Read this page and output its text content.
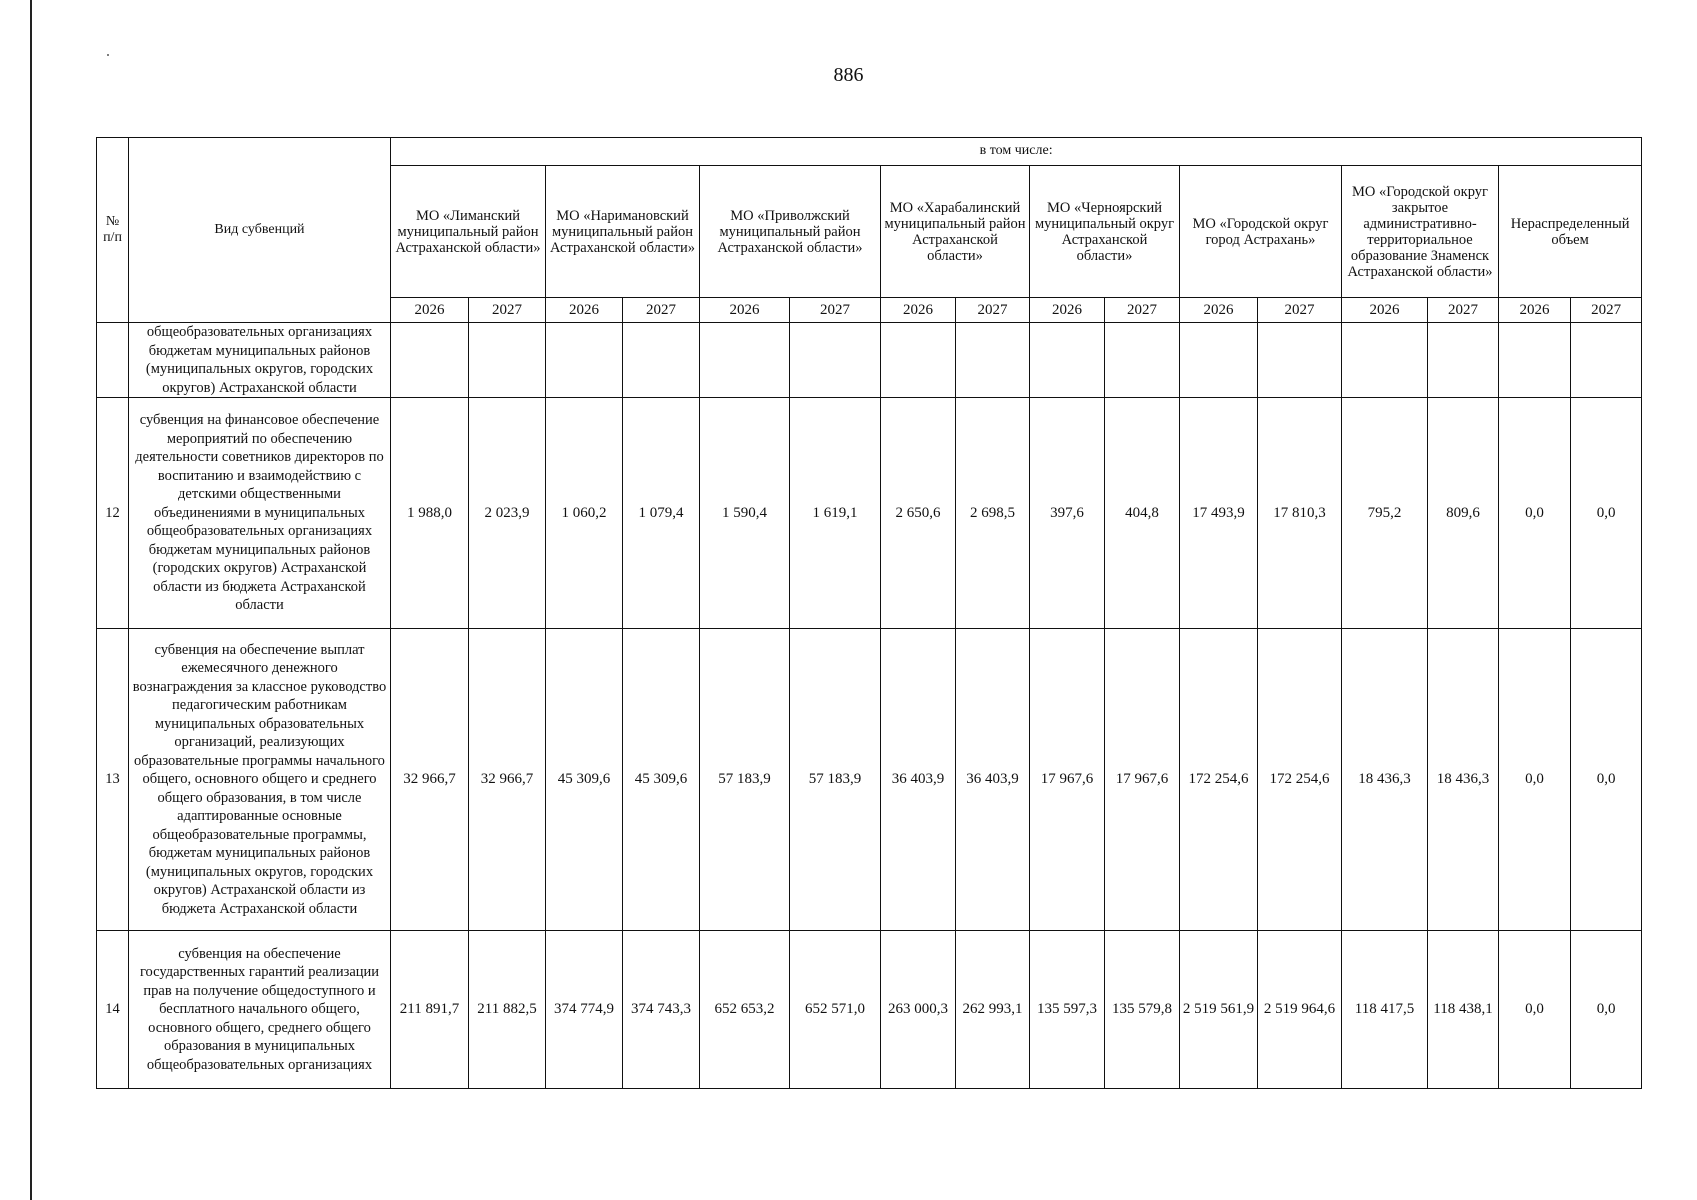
886
№ п/п	Вид субвенций	в том числе:															
		МО «Лиманский муниципальный район Астраханской области»		МО «Наримановский муниципальный район Астраханской области»		МО «Приволжский муниципальный район Астраханской области»		МО «Харабалинский муниципальный район Астраханской области»		МО «Черноярский муниципальный округ Астраханской области»		МО «Городской округ город Астрахань»		МО «Городской округ закрытое административно-территориальное образование Знаменск Астраханской области»		Нераспределенный объем	
		2026	2027	2026	2027	2026	2027	2026	2027	2026	2027	2026	2027	2026	2027	2026	2027
	общеобразовательных организациях бюджетам муниципальных районов (муниципальных округов, городских округов) Астраханской области																
12	субвенция на финансовое обеспечение мероприятий по обеспечению деятельности советников директоров по воспитанию и взаимодействию с детскими общественными объединениями в муниципальных общеобразовательных организациях бюджетам муниципальных районов (городских округов) Астраханской области из бюджета Астраханской области	1 988,0	2 023,9	1 060,2	1 079,4	1 590,4	1 619,1	2 650,6	2 698,5	397,6	404,8	17 493,9	17 810,3	795,2	809,6	0,0	0,0
13	субвенция на обеспечение выплат ежемесячного денежного вознаграждения за классное руководство педагогическим работникам муниципальных образовательных организаций, реализующих образовательные программы начального общего, основного общего и среднего общего образования, в том числе адаптированные основные общеобразовательные программы, бюджетам муниципальных районов (муниципальных округов, городских округов) Астраханской области из бюджета Астраханской области	32 966,7	32 966,7	45 309,6	45 309,6	57 183,9	57 183,9	36 403,9	36 403,9	17 967,6	17 967,6	172 254,6	172 254,6	18 436,3	18 436,3	0,0	0,0
14	субвенция на обеспечение государственных гарантий реализации прав на получение общедоступного и бесплатного начального общего, основного общего, среднего общего образования в муниципальных общеобразовательных организациях	211 891,7	211 882,5	374 774,9	374 743,3	652 653,2	652 571,0	263 000,3	262 993,1	135 597,3	135 579,8	2 519 561,9	2 519 964,6	118 417,5	118 438,1	0,0	0,0
